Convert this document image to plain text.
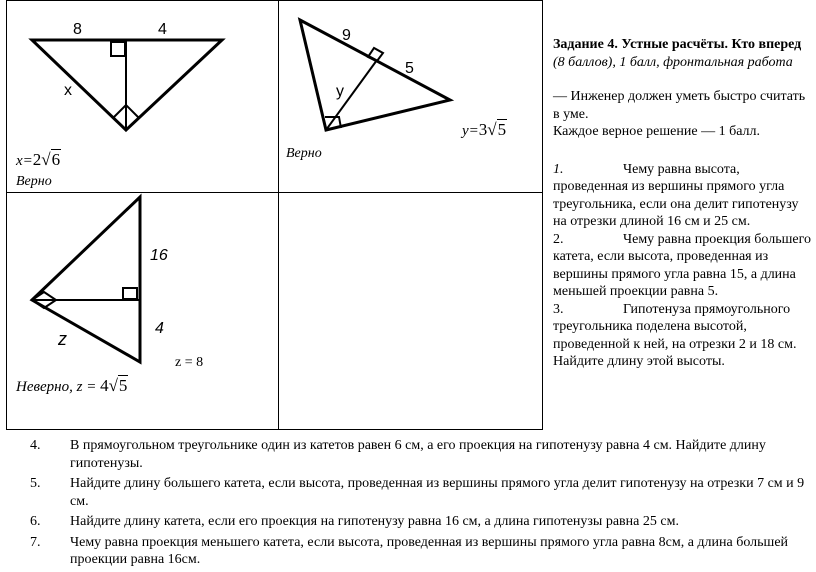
8	4
x
x=2√6
Верно
9
5
y
y=3√5
Верно
16
4
z
z = 8
Неверно, z = 4√5

Задание 4. Устные расчёты. Кто вперед (8 баллов), 1 балл, фронтальная работа

— Инженер должен уметь быстро считать в уме.

Каждое верное решение — 1 балл.

1.	Чему равна высота, проведенная из вершины прямого угла треугольника, если она делит гипотенузу на отрезки длиной 16 см и 25 см.

2.	Чему равна проекция большего катета, если высота, проведенная из вершины прямого угла равна 15, а длина меньшей проекции равна 5.

3.	Гипотенуза прямоугольного треугольника поделена высотой, проведенной к ней, на отрезки 2 и 18 см. Найдите длину этой высоты.

4.	В прямоугольном треугольнике один из катетов равен 6 см, а его проекция на гипотенузу равна 4 см. Найдите длину гипотенузы.
5.	Найдите длину большего катета, если высота, проведенная из вершины прямого угла делит гипотенузу на отрезки 7 см и 9 см.
6.	Найдите длину катета, если его проекция на гипотенузу равна 16 см, а длина гипотенузы равна 25 см.
7.	Чему равна проекция меньшего катета, если высота, проведенная из вершины прямого угла равна 8см, а длина большей проекции равна 16см.
